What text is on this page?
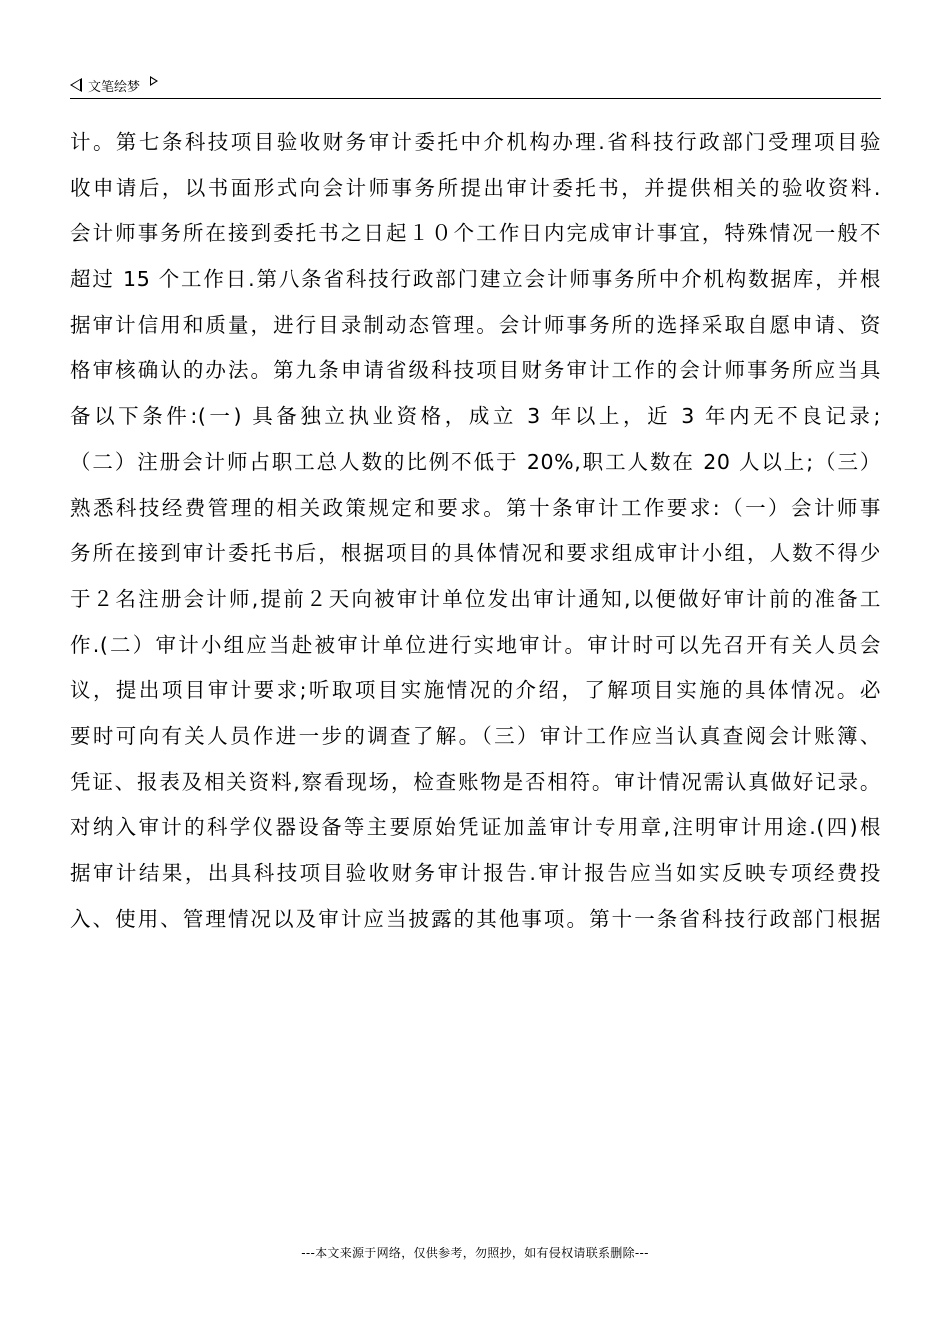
文笔绘梦
计。第七条科技项目验收财务审计委托中介机构办理.省科技行政部门受理项目验
收申请后，以书面形式向会计师事务所提出审计委托书，并提供相关的验收资料.
会计师事务所在接到委托书之日起１０个工作日内完成审计事宜，特殊情况一般不
超过 15 个工作日.第八条省科技行政部门建立会计师事务所中介机构数据库，并根
据审计信用和质量，进行目录制动态管理。会计师事务所的选择采取自愿申请、资
格审核确认的办法。第九条申请省级科技项目财务审计工作的会计师事务所应当具
备以下条件:(一) 具备独立执业资格，成立 3 年以上，近 3 年内无不良记录;
（二）注册会计师占职工总人数的比例不低于 20%,职工人数在 20 人以上;（三）
熟悉科技经费管理的相关政策规定和要求。第十条审计工作要求:（一）会计师事
务所在接到审计委托书后，根据项目的具体情况和要求组成审计小组，人数不得少
于２名注册会计师,提前２天向被审计单位发出审计通知,以便做好审计前的准备工
作.(二）审计小组应当赴被审计单位进行实地审计。审计时可以先召开有关人员会
议，提出项目审计要求;听取项目实施情况的介绍，了解项目实施的具体情况。必
要时可向有关人员作进一步的调查了解。（三）审计工作应当认真查阅会计账簿、
凭证、报表及相关资料,察看现场，检查账物是否相符。审计情况需认真做好记录。
对纳入审计的科学仪器设备等主要原始凭证加盖审计专用章,注明审计用途.(四)根
据审计结果，出具科技项目验收财务审计报告.审计报告应当如实反映专项经费投
入、使用、管理情况以及审计应当披露的其他事项。第十一条省科技行政部门根据
---本文来源于网络，仅供参考，勿照抄，如有侵权请联系删除---
